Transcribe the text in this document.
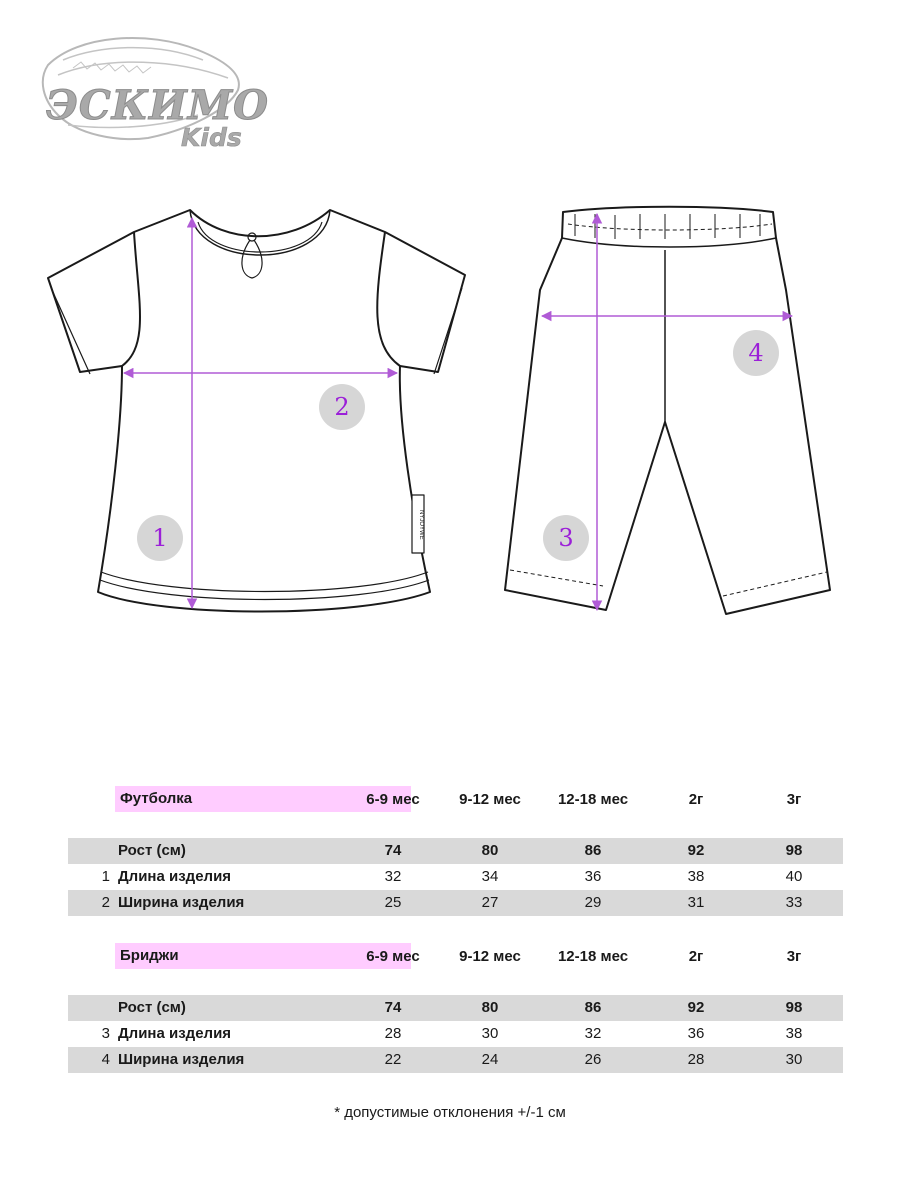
ЭСКИМО
Kids
NYJOYWE
1
2
3
4
Футболка	6-9 мес	9-12 мес	12-18 мес	2г	3г
Рост (см)	74	80	86	92	98
1 Длина изделия	32	34	36	38	40
2 Ширина изделия	25	27	29	31	33
Бриджи	6-9 мес	9-12 мес	12-18 мес	2г	3г
Рост (см)	74	80	86	92	98
3 Длина изделия	28	30	32	36	38
4 Ширина изделия	22	24	26	28	30
* допустимые отклонения +/-1 см
